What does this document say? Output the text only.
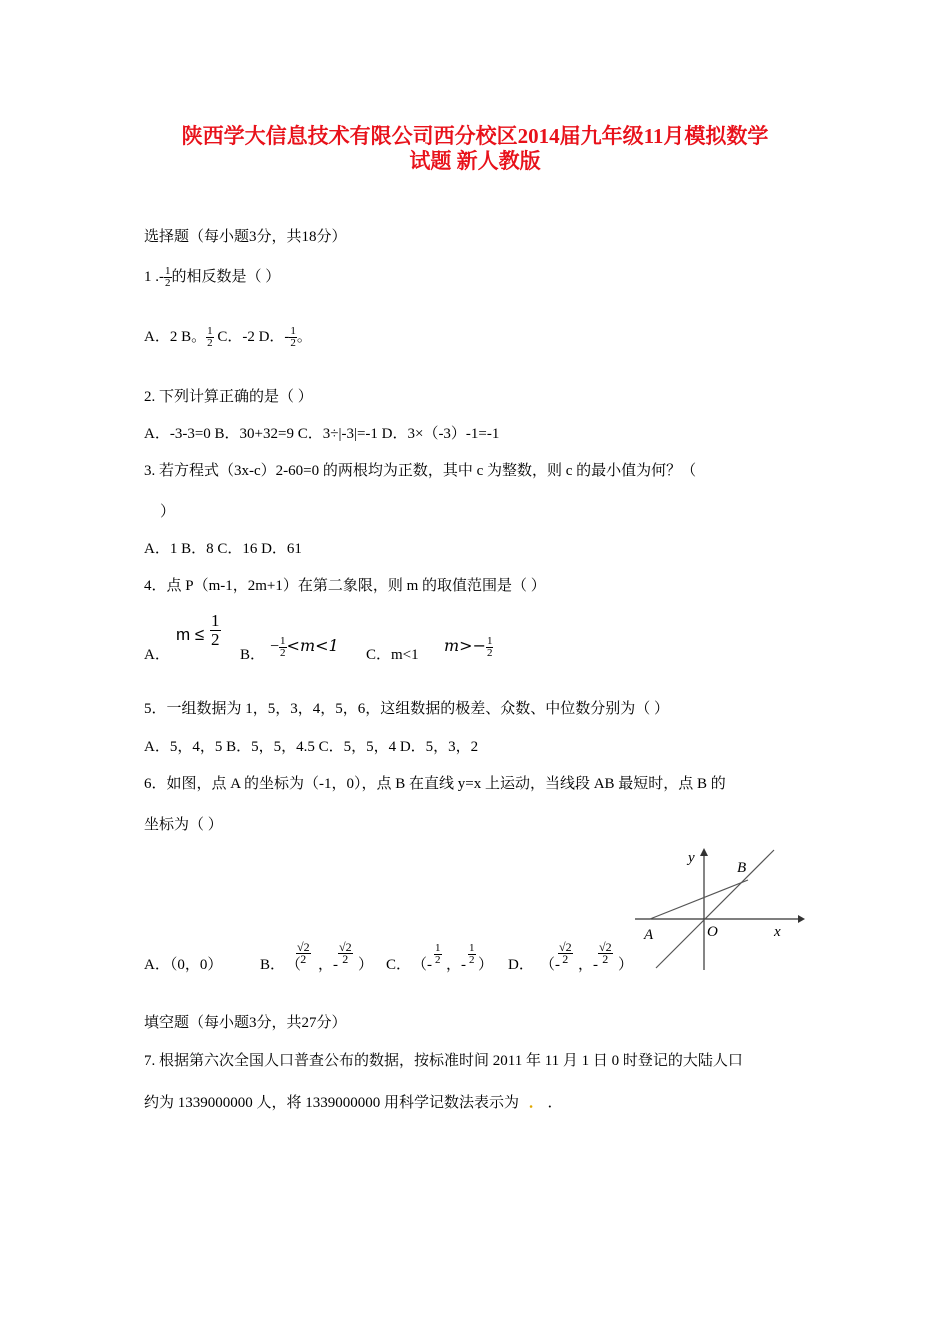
陕西学大信息技术有限公司西分校区2014届九年级11月模拟数学
试题 新人教版
选择题（每小题3分，共18分）
1 .- $\frac{1}{2}$ 的相反数是（ ）
A．2 B。 $\frac{1}{2}$ C．-2 D．- $\frac{1}{2}$ 。
2. 下列计算正确的是（ ）
A．-3-3=0 B．30+32=9 C．3÷|-3|=-1 D．3×（-3）-1=-1
3. 若方程式（3x-c）2-60=0 的两根均为正数，其中 c 为整数，则 c 的最小值为何？（
）
A．1 B．8 C．16 D．61
4．点 P（m-1，2m+1）在第二象限，则 m 的取值范围是（ ）
A．
$m \le \frac{1}{2}$
B． − $\frac{1}{2} <m<1$ C．m<1 $m>- \frac{1}{2}$
5．一组数据为 1，5，3，4，5，6，这组数据的极差、众数、中位数分别为（ ）
A．5，4，5 B．5，5，4.5 C．5，5，4 D．5，3，2
6．如图，点 A 的坐标为（-1，0），点 B 在直线 y=x 上运动，当线段 AB 最短时，点 B 的
坐标为（ ）
y
x
A	O
B
A．（0，0）	B． （
$\frac{√2}{2}$ ，- $\frac{√2}{2}$ ） C． （- $\frac{1}{2}$ ，- $\frac{1}{2}$ ） D． （-
$\frac{√2}{2}$ ，- $\frac{√2}{2}$ ）
填空题（每小题3分，共27分）
7. 根据第六次全国人口普查公布的数据，按标准时间 2011 年 11 月 1 日 0 时登记的大陆人口
约为 1339000000 人，将 1339000000 用科学记数法表示为 ． ．
